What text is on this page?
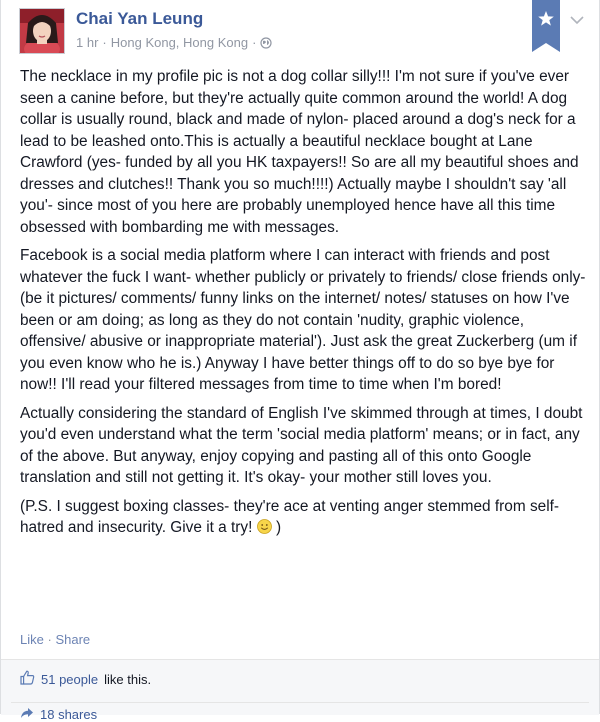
Chai Yan Leung
1 hr · Hong Kong, Hong Kong ·

The necklace in my profile pic is not a dog collar silly!!! I'm not sure if you've ever seen a canine before, but they're actually quite common around the world! A dog collar is usually round, black and made of nylon- placed around a dog's neck for a lead to be leashed onto.This is actually a beautiful necklace bought at Lane Crawford (yes- funded by all you HK taxpayers!! So are all my beautiful shoes and dresses and clutches!! Thank you so much!!!!) Actually maybe I shouldn't say 'all you'- since most of you here are probably unemployed hence have all this time obsessed with bombarding me with messages.

Facebook is a social media platform where I can interact with friends and post whatever the fuck I want- whether publicly or privately to friends/ close friends only- (be it pictures/ comments/ funny links on the internet/ notes/ statuses on how I've been or am doing; as long as they do not contain 'nudity, graphic violence, offensive/ abusive or inappropriate material'). Just ask the great Zuckerberg (um if you even know who he is.) Anyway I have better things off to do so bye bye for now!! I'll read your filtered messages from time to time when I'm bored!

Actually considering the standard of English I've skimmed through at times, I doubt you'd even understand what the term 'social media platform' means; or in fact, any of the above. But anyway, enjoy copying and pasting all of this onto Google translation and still not getting it. It's okay- your mother still loves you.

(P.S. I suggest boxing classes- they're ace at venting anger stemmed from self-hatred and insecurity. Give it a try! )

Like · Share
51 people like this.
18 shares
